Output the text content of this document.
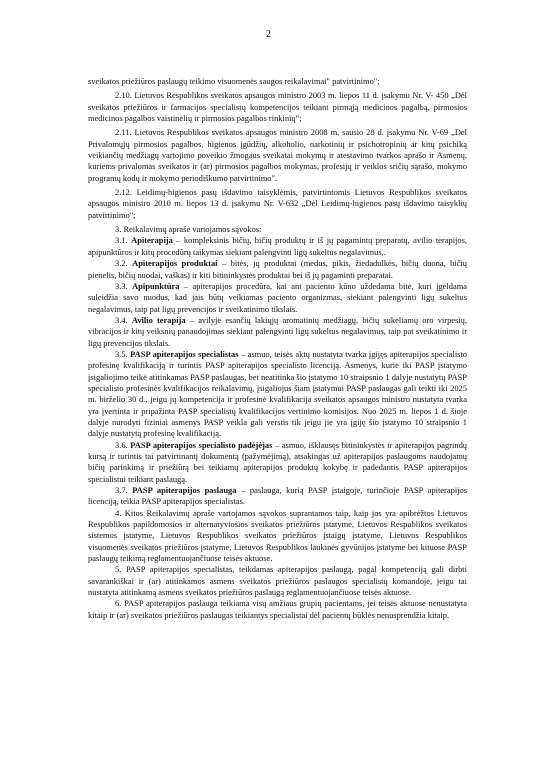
2

sveikatos priežiūros paslaugų teikimo visuomenės saugos reikalavimai" patvirtinimo";

2.10. Lietuvos Respublikos sveikatos apsaugos ministro 2003 m. liepos 11 d. įsakymu Nr. V- 450 „Dėl sveikatos priežiūros ir farmacijos specialistų kompetencijos teikiant pirmąją medicinos pagalbą, pirmosios medicinos pagalbos vaistinėlių ir pirmosios pagalbos rinkinių";

2.11. Lietuvos Respublikos sveikatos apsaugos ministro 2008 m. sausio 28 d. įsakymu Nr. V-69 „Dėl Privalomųjų pirmosios pagalbos, higienos įgūdžių, alkoholio, narkotinių ir psichotropinių ar kitų psichiką veikiančių medžiagų vartojimo poveikio žmogaus sveikatai mokymų ir atestavimo tvarkos aprašo ir Asmenų, kuriems privalomas sveikatos ir (ar) pirmosios pagalbos mokymas, profesijų ir veiklos sričių sąrašo, mokymo programų kodų ir mokymo periodiškumo patvirtinimo".

2.12. Leidimų-higienos pasų išdavimo taisyklėmis, patvirtintomis Lietuvos Respublikos sveikatos apsaugos ministro 2010 m. liepos 13 d. įsakymu Nr. V-632 „Dėl Leidimų-higienos pasų išdavimo taisyklių patvirtinimo";

3. Reikalavimų apraše vartojamos sąvokos:

3.1. Apiterapija – kompleksinis bičių, bičių produktų ir iš jų pagamintų preparatų, avilio terapijos, apipunktūros ir kitų procedūrų taikymas siekiant palengvinti ligų sukeltus negalavimus,.

3.2. Apiterapijos produktai – bitės, jų produktai (medus, pikis, žiedadulkės, bičių duona, bičių pienelis, bičių nuodai, vaškas) ir kiti bitininkystės produktai bei iš jų pagaminti preparatai.

3.3. Apipunktūra – apiterapijos procedūra, kai ant paciento kūno uždedama bitė, kuri įgeldama suleidžia savo nuodus, kad jais būtų veikiamas paciento organizmas, siekiant palengvinti ligų sukeltus negalavimus, taip pat ligų prevencijos ir sveikatinimo tikslais.

3.4. Avilio terapija – avilyje esančių lakiųjų aromatinių medžiagų, bičių sukeliamų oro virpesių, vibracijos ir kitų veiksnių panaudojimas siekiant palengvinti ligų sukeltus negalavimus, taip pat sveikatinimo ir ligų prevencijos tikslais.

3.5. PASP apiterapijos specialistas – asmuo, teisės aktų nustatyta tvarka įgijęs apiterapijos specialisto profesinę kvalifikaciją ir turintis PASP apiterapijos specialisto licenciją. Asmenys, kurie iki PASP įstatymo įsigaliojimo teikė atitinkamas PASP paslaugas, bet neatitinka šio įstatymo 10 straipsnio 1 dalyje nustatytų PASP specialisto profesinės kvalifikacijos reikalavimų, įsigaliojus šiam įstatymui PASP paslaugas gali teikti iki 2025 m. birželio 30 d., jeigu jų kompetencija ir profesinė kvalifikacija sveikatos apsaugos ministro nustatyta tvarka yra įvertinta ir pripažinta PASP specialistų kvalifikacijos vertinimo komisijos. Nuo 2025 m. liepos 1 d. šioje dalyje nurodyti fiziniai asmenys PASP veikla gali verstis tik jeigu jie yra įgiję šio įstatymo 10 straipsnio 1 dalyje nustatytą profesinę kvalifikaciją.

3.6. PASP apiterapijos specialisto padėjėjas – asmuo, išklausęs bitininkystės ir apiterapijos pagrindų kursą ir turintis tai patvirtinantį dokumentą (pažymėjimą), atsakingas už apiterapijos paslaugoms naudojamų bičių parinkimą ir priežiūrą bei teikiamų apiterapijos produktų kokybę ir padedantis PASP apiterapijos specialistui teikiant paslaugą.

3.7. PASP apiterapijos paslauga – paslauga, kurią PASP įstaigoje, turinčioje PASP apiterapijos licenciją, teikia PASP apiterapijos specialistas.

4. Kitos Reikalavimų apraše vartojamos sąvokos suprantamos taip, kaip jos yra apibrėžtos Lietuvos Respublikos papildomosios ir alternatyviosios sveikatos priežiūros įstatyme, Lietuvos Respublikos sveikatos sistemos įstatyme, Lietuvos Respublikos sveikatos priežiūros įstaigų įstatyme, Lietuvos Respublikos visuomenės sveikatos priežiūros įstatyme, Lietuvos Respublikos laukinės gyvūnijos įstatyme bei kituose PASP paslaugų teikimą reglamentuojančiuose teisės aktuose.

5. PASP apiterapijos specialistas, teikdamas apiterapijos paslaugą, pagal kompetenciją gali dirbti savarankiškai ir (ar) atitinkamos asmens sveikatos priežiūros paslaugos specialistų komandoje, jeigu tai nustatyta atitinkamą asmens sveikatos priežiūros paslaugą reglamentuojančiuose teisės aktuose.

6. PASP apiterapijos paslauga teikiama visų amžiaus grupių pacientams, jei teisės aktuose nenustatyta kitaip ir (ar) sveikatos priežiūros paslaugas teikiantys specialistai dėl pacientų būklės nenusprendžia kitaip.
